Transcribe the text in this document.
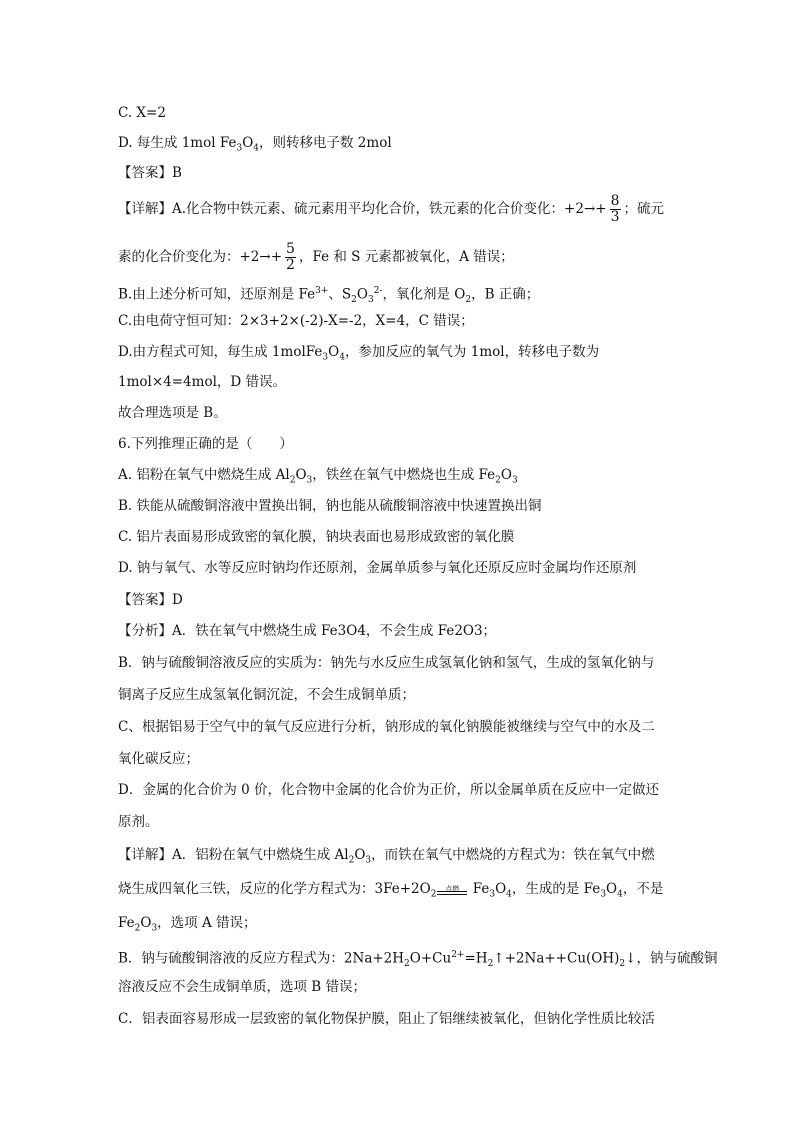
C. X=2
D. 每生成 1mol $Fe_3O_4$，则转移电子数 2mol
【答案】B
【详解】A.化合物中铁元素、硫元素用平均化合价，铁元素的化合价变化：$+2\to+ \frac{8}{3}$ ；硫元
素的化合价变化为：$+2\to+ \frac{5}{2}$ ，Fe 和 S 元素都被氧化，A 错误；
B.由上述分析可知，还原剂是 $Fe^{3+}$、$S_2O_3^{2-}$，氧化剂是 $O_2$，B 正确；
C.由电荷守恒可知：2×3+2×(-2)-X=-2，X=4，C 错误；
D.由方程式可知，每生成 $1molFe_3O_4$，参加反应的氧气为 1mol，转移电子数为
1mol×4=4mol，D 错误。
故合理选项是 B。
6.下列推理正确的是（　　）
A. 铝粉在氧气中燃烧生成 $Al_2O_3$，铁丝在氧气中燃烧也生成 $Fe_2O_3$
B. 铁能从硫酸铜溶液中置换出铜，钠也能从硫酸铜溶液中快速置换出铜
C. 铝片表面易形成致密的氧化膜，钠块表面也易形成致密的氧化膜
D. 钠与氧气、水等反应时钠均作还原剂，金属单质参与氧化还原反应时金属均作还原剂
【答案】D
【分析】A．铁在氧气中燃烧生成 Fe3O4，不会生成 Fe2O3；
B．钠与硫酸铜溶液反应的实质为：钠先与水反应生成氢氧化钠和氢气，生成的氢氧化钠与
铜离子反应生成氢氧化铜沉淀，不会生成铜单质；
C、根据铝易于空气中的氧气反应进行分析，钠形成的氧化钠膜能被继续与空气中的水及二
氧化碳反应；
D．金属的化合价为 0 价，化合物中金属的化合价为正价，所以金属单质在反应中一定做还
原剂。
【详解】A．铝粉在氧气中燃烧生成 $Al_2O_3$，而铁在氧气中燃烧的方程式为：铁在氧气中燃
烧生成四氧化三铁，反应的化学方程式为：$3Fe+2O_2$
点燃 $Fe_3O_4$，生成的是 $Fe_3O_4$，不是
$Fe_2O_3$，选项 A 错误；
B．钠与硫酸铜溶液的反应方程式为：$2Na+2H_2O+Cu^{2+}=H_2↑+2Na++Cu(OH)_2↓$，钠与硫酸铜
溶液反应不会生成铜单质，选项 B 错误；
C．铝表面容易形成一层致密的氧化物保护膜，阻止了铝继续被氧化，但钠化学性质比较活
